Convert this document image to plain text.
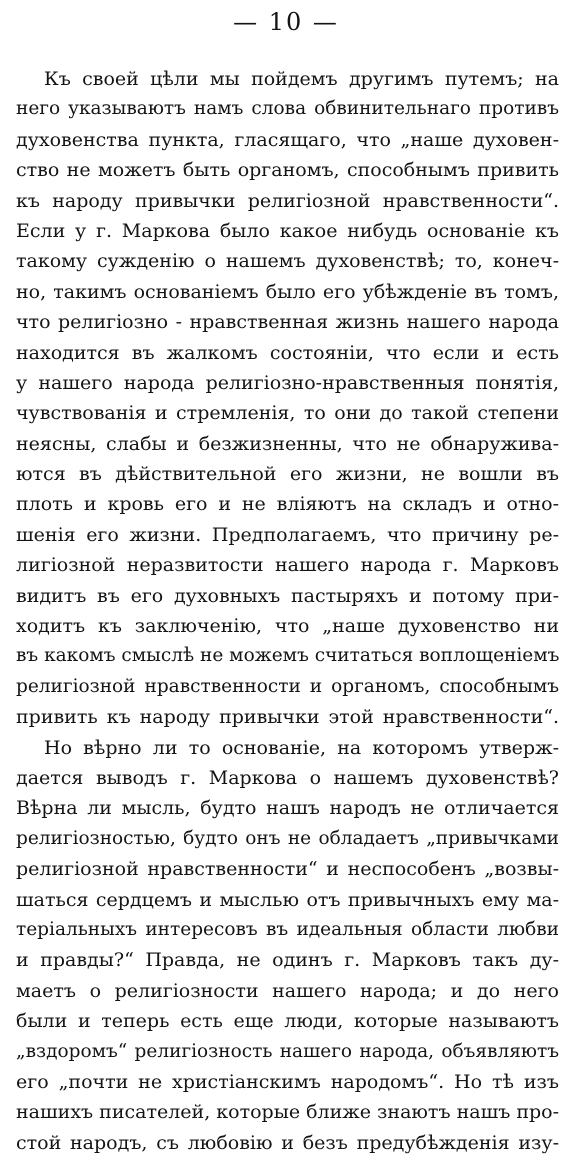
— 10 —
Къ своей цѣли мы пойдемъ другимъ путемъ; на
него указываютъ намъ слова обвинительнаго противъ
духовенства пункта, гласящаго, что „наше духовен-
ство не можетъ быть органомъ, способнымъ привить
къ народу привычки религіозной нравственности“.
Если у г. Маркова было какое нибудь основаніе къ
такому сужденію о нашемъ духовенствѣ; то, конеч-
но, такимъ основаніемъ было его убѣжденіе въ томъ,
что религіозно - нравственная жизнь нашего народа
находится въ жалкомъ состояніи, что если и есть
у нашего народа религіозно-нравственныя понятія,
чувствованія и стремленія, то они до такой степени
неясны, слабы и безжизненны, что не обнаруживa-
ются въ дѣйствительной его жизни, не вошли въ
плоть и кровь его и не вліяютъ на складъ и отно-
шенія его жизни. Предполагаемъ, что причину ре-
лигіозной неразвитости нашего народа г. Марковъ
видитъ въ его духовныхъ пастыряхъ и потому при-
ходитъ къ заключенію, что „наше духовенство ни
въ какомъ смыслѣ не можемъ считаться воплощеніемъ
религіозной нравственности и органомъ, способнымъ
привить къ народу привычки этой нравственности“.
Но вѣрно ли то основаніе, на которомъ утверж-
дается выводъ г. Маркова о нашемъ духовенствѣ?
Вѣрна ли мысль, будто нашъ народъ не отличается
религіозностью, будто онъ не обладаетъ „привычками
религіозной нравственности“ и неспособенъ „возвы-
шаться сердцемъ и мыслью отъ привычныхъ ему ма-
теріальныхъ интересовъ въ идеальныя области любви
и правды?“ Правда, не одинъ г. Марковъ такъ ду-
маетъ о религіозности нашего народа; и до него
были и теперь есть еще люди, которые называютъ
„вздоромъ“ религіозность нашего народа, объявляютъ
его „почти не христіанскимъ народомъ“. Но тѣ изъ
нашихъ писателей, которые ближе знаютъ нашъ про-
стой народъ, съ любовію и безъ предубѣжденія изу-
